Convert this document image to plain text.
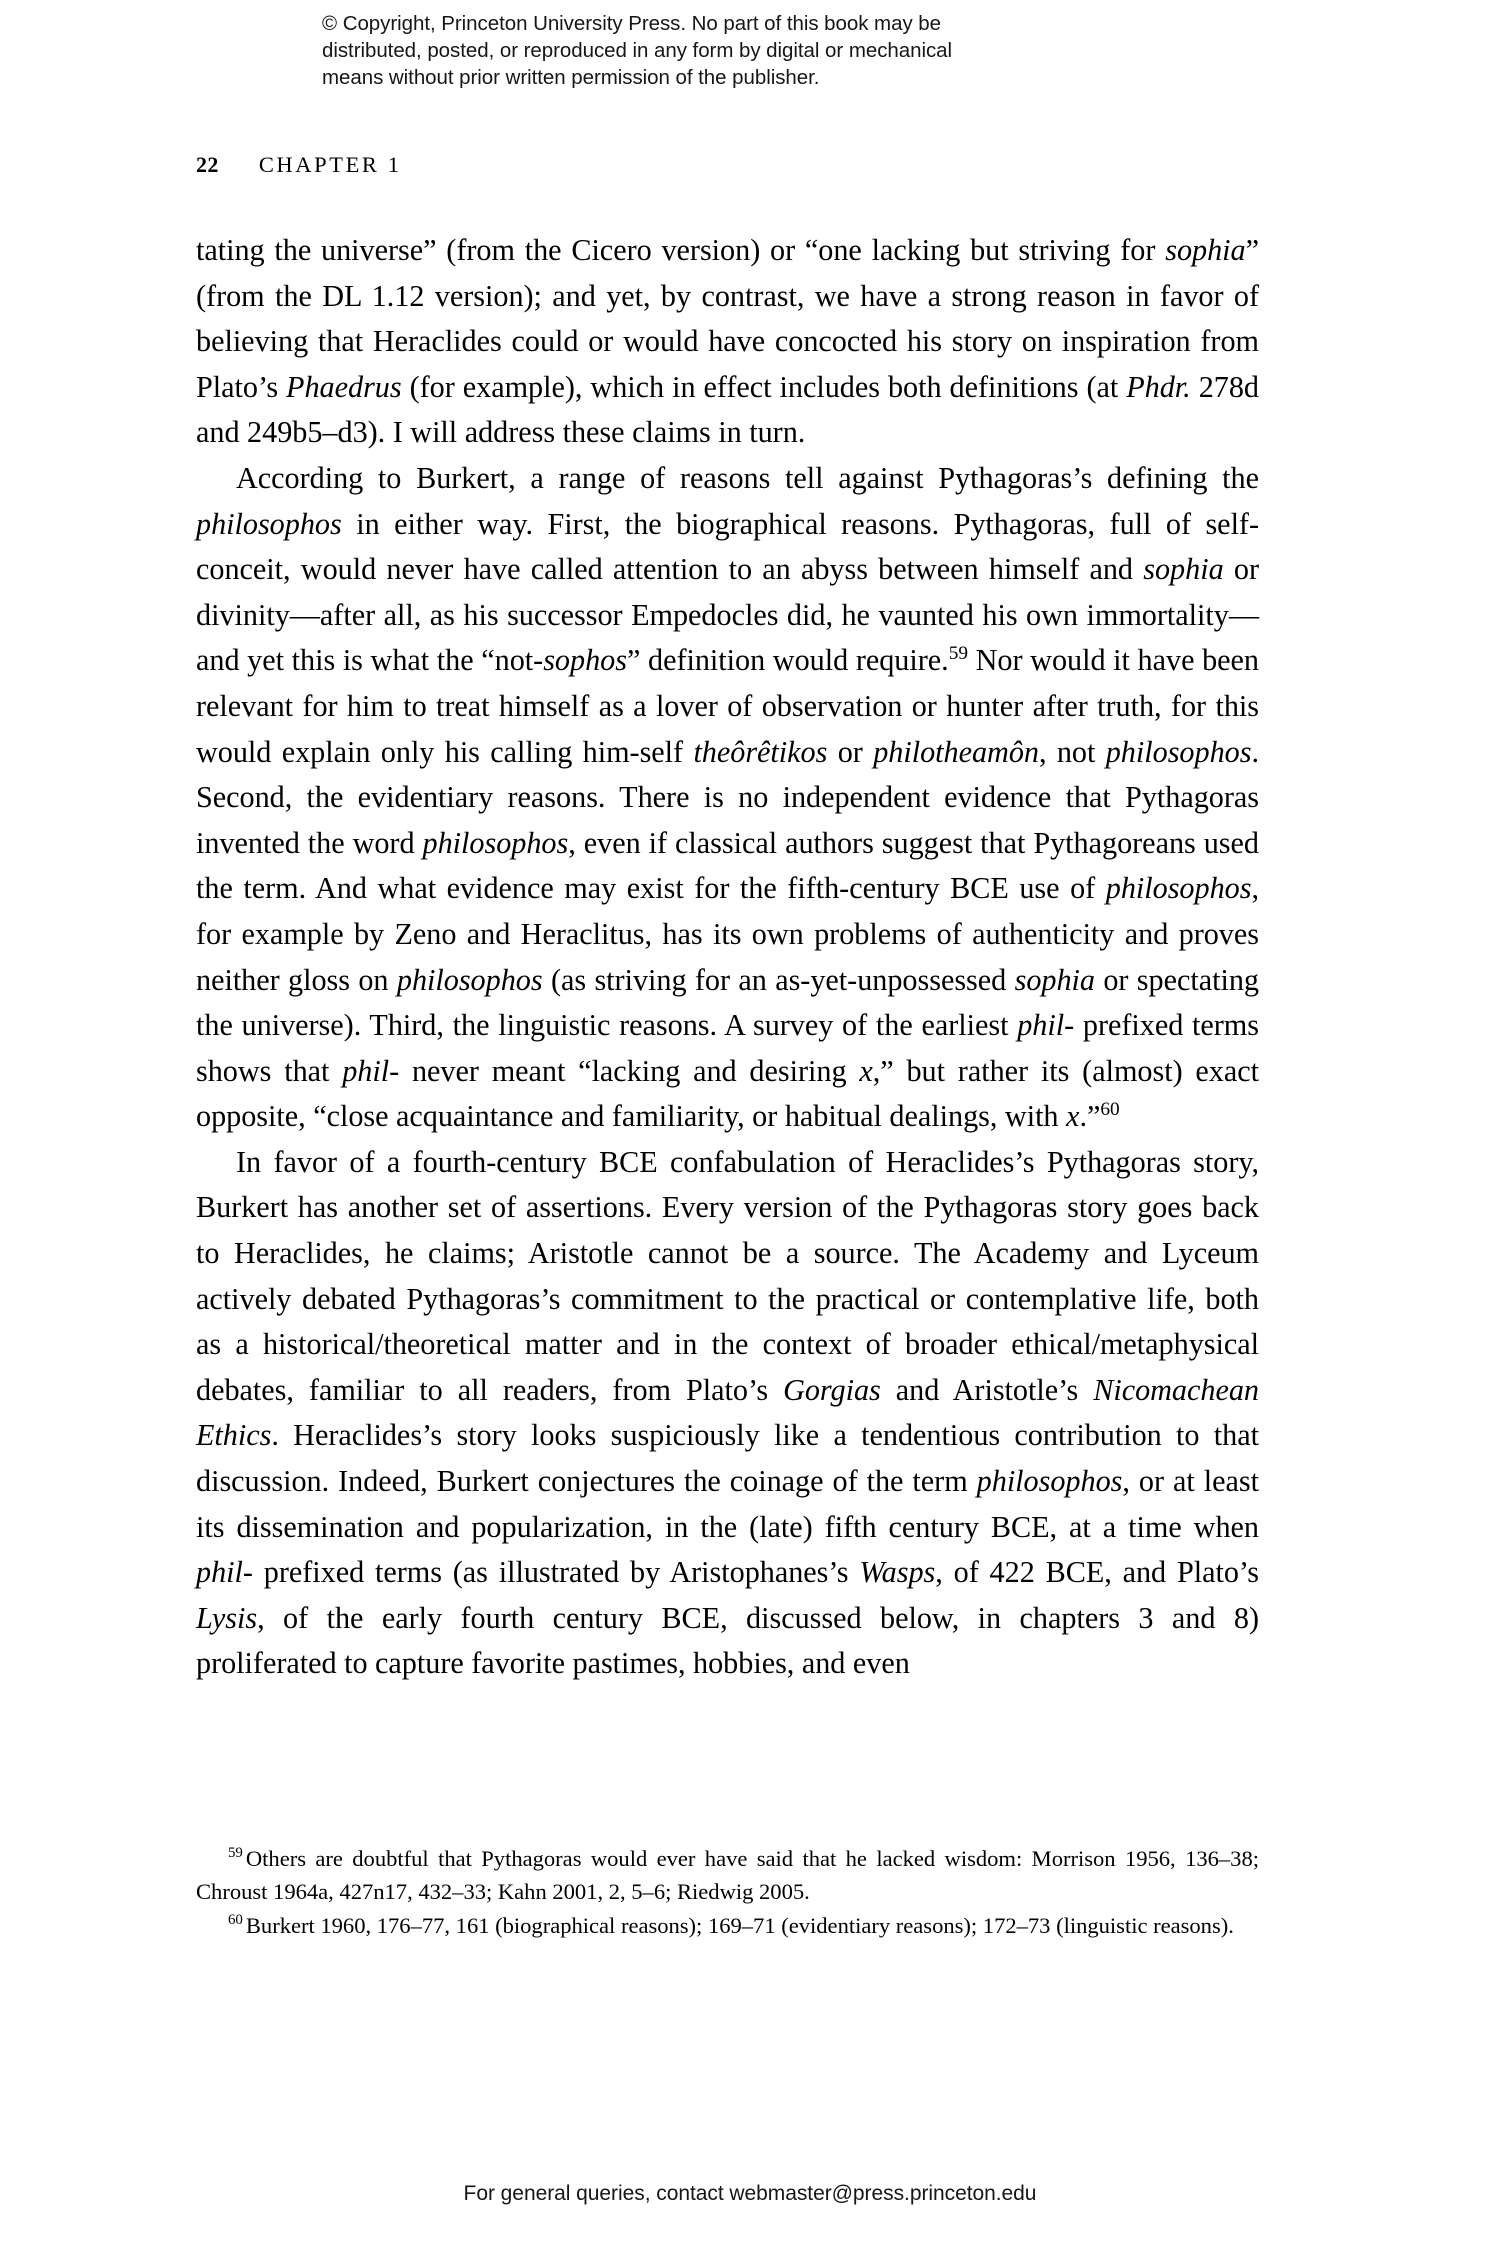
© Copyright, Princeton University Press. No part of this book may be
distributed, posted, or reproduced in any form by digital or mechanical
means without prior written permission of the publisher.
22 CHAPTER 1

tating the universe” (from the Cicero version) or “one lacking but striving for sophia” (from the DL 1.12 version); and yet, by contrast, we have a strong reason in favor of believing that Heraclides could or would have concocted his story on inspiration from Plato’s Phaedrus (for example), which in effect includes both definitions (at Phdr. 278d and 249b5–d3). I will address these claims in turn.

According to Burkert, a range of reasons tell against Pythagoras’s defining the philosophos in either way. First, the biographical reasons. Pythagoras, full of self-conceit, would never have called attention to an abyss between himself and sophia or divinity—after all, as his successor Empedocles did, he vaunted his own immortality—and yet this is what the “not-sophos” definition would require.$^{59}$ Nor would it have been relevant for him to treat himself as a lover of observation or hunter after truth, for this would explain only his calling him-self theôrêtikos or philotheamôn, not philosophos. Second, the evidentiary reasons. There is no independent evidence that Pythagoras invented the word philosophos, even if classical authors suggest that Pythagoreans used the term. And what evidence may exist for the fifth-century BCE use of philosophos, for example by Zeno and Heraclitus, has its own problems of authenticity and proves neither gloss on philosophos (as striving for an as-yet-unpossessed sophia or spectating the universe). Third, the linguistic reasons. A survey of the earliest phil- prefixed terms shows that phil- never meant “lacking and desiring x,” but rather its (almost) exact opposite, “close acquaintance and familiarity, or habitual dealings, with x.”$^{60}$

In favor of a fourth-century BCE confabulation of Heraclides’s Pythagoras story, Burkert has another set of assertions. Every version of the Pythagoras story goes back to Heraclides, he claims; Aristotle cannot be a source. The Academy and Lyceum actively debated Pythagoras’s commitment to the practical or contemplative life, both as a historical/theoretical matter and in the context of broader ethical/metaphysical debates, familiar to all readers, from Plato’s Gorgias and Aristotle’s Nicomachean Ethics. Heraclides’s story looks suspiciously like a tendentious contribution to that discussion. Indeed, Burkert conjectures the coinage of the term philosophos, or at least its dissemination and popularization, in the (late) fifth century BCE, at a time when phil- prefixed terms (as illustrated by Aristophanes’s Wasps, of 422 BCE, and Plato’s Lysis, of the early fourth century BCE, discussed below, in chapters 3 and 8) proliferated to capture favorite pastimes, hobbies, and even

$^{59}$ Others are doubtful that Pythagoras would ever have said that he lacked wisdom: Morrison 1956, 136–38; Chroust 1964a, 427n17, 432–33; Kahn 2001, 2, 5–6; Riedwig 2005.

$^{60}$ Burkert 1960, 176–77, 161 (biographical reasons); 169–71 (evidentiary reasons); 172–73 (linguistic reasons).

For general queries, contact webmaster@press.princeton.edu
